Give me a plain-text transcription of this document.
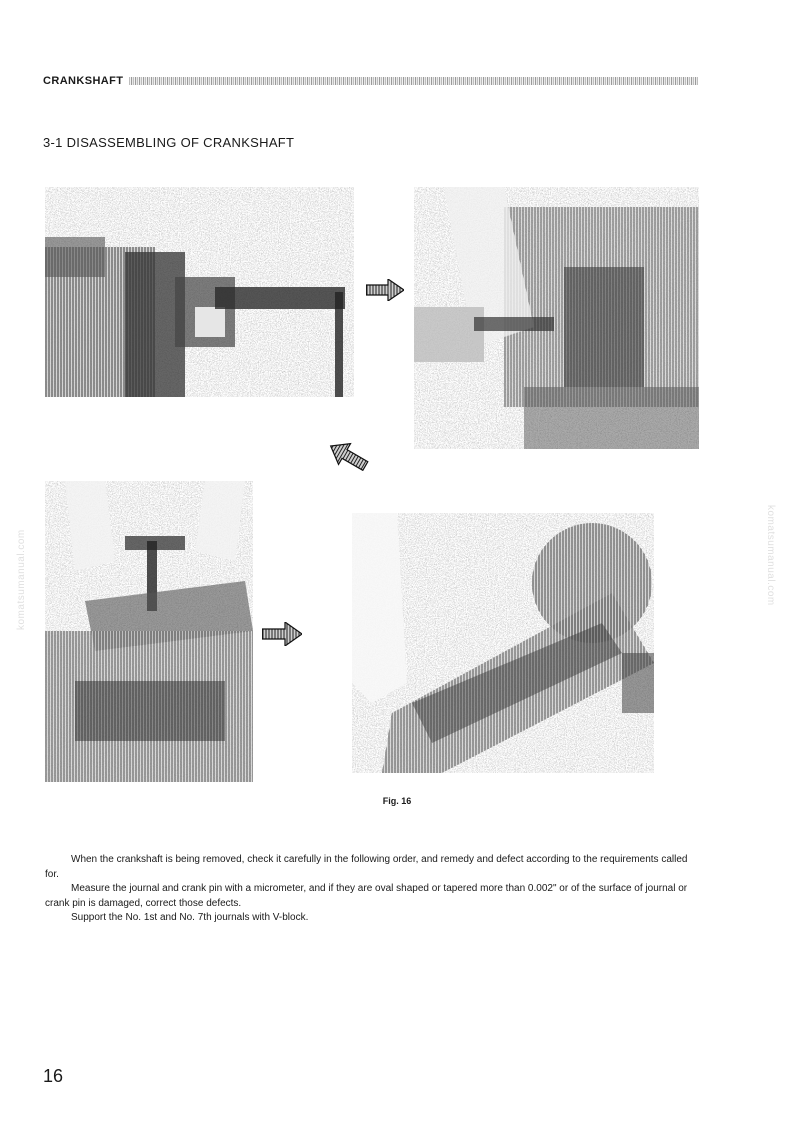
CRANKSHAFT
3-1 DISASSEMBLING OF CRANKSHAFT
Fig. 16

When the crankshaft is being removed, check it carefully in the following order, and remedy and defect according to the requirements called for.

Measure the journal and crank pin with a micrometer, and if they are oval shaped or tapered more than 0.002" or of the surface of journal or crank pin is damaged, correct those defects.

Support the No. 1st and No. 7th journals with V-block.

16
komatsumanual.com	komatsumanual.com
